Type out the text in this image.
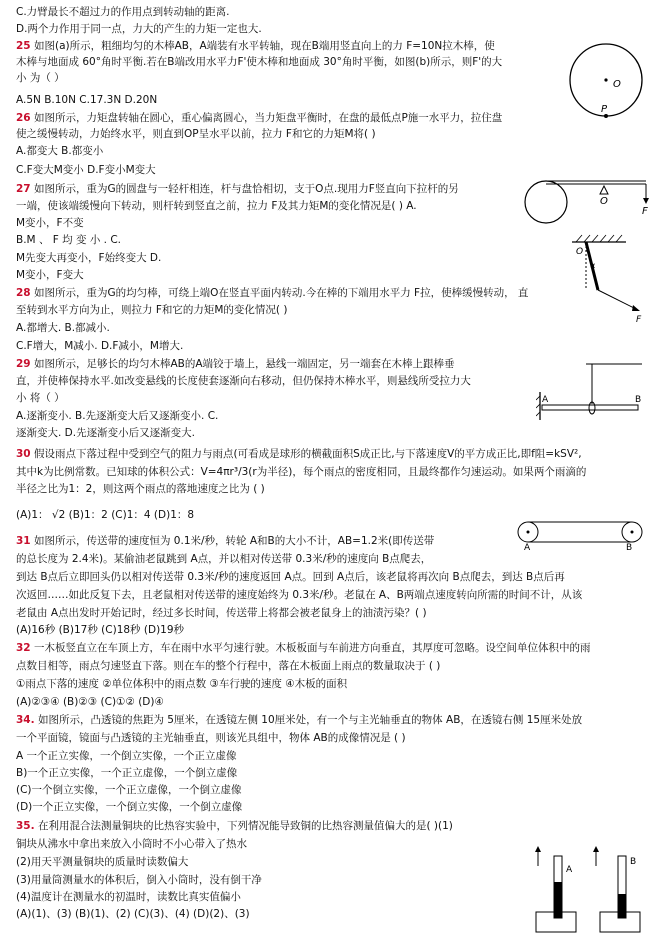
C.力臂最长不超过力的作用点到转动轴的距离.
D.两个力作用于同一点，力大的产生的力矩一定也大.
25 如图(a)所示，粗细均匀的木棒AB，A端装有水平转轴，现在B端用竖直向上的力 F=10N拉木棒，使
木棒与地面成 60°角时平衡.若在B端改用水平力F'使木棒和地面成 30°角时平衡，如图(b)所示，则F'的大
小 为（ ）
A.5N B.10N C.17.3N D.20N
26 如图所示，力矩盘转轴在圆心，重心偏离圆心，当力矩盘平衡时，在盘的最低点P施一水平力，拉住盘
使之缓慢转动，力始终水平，则直到OP呈水平以前，拉力 F和它的力矩M将( )
A.都变大 B.都变小
C.F变大M变小 D.F变小M变大
27 如图所示，重为G的圆盘与一轻杆相连，杆与盘恰相切，支于O点.现用力F竖直向下拉杆的另
一端，使该端缓慢向下转动，则杆转到竖直之前，拉力 F及其力矩M的变化情况是( ) A.
M变小，F不变
B.M 、 F 均 变 小 . C.
M先变大再变小，F始终变大 D.
M变小，F变大
28 如图所示，重为G的均匀棒，可绕上端O在竖直平面内转动.今在棒的下端用水平力 F拉，使棒缓慢转动， 直
至转到水平方向为止，则拉力 F和它的力矩M的变化情况( )
A.都增大. B.都减小.
C.F增大，M减小. D.F减小，M增大.
29 如图所示，足够长的均匀木棒AB的A端铰于墙上，悬线一端固定，另一端套在木棒上跟棒垂
直，并使棒保持水平.如改变悬线的长度使套逐渐向右移动，但仍保持木棒水平，则悬线所受拉力大
小 将（ ）
A.逐渐变小. B.先逐渐变大后又逐渐变小. C.
逐渐变大. D.先逐渐变小后又逐渐变大.
30 假设雨点下落过程中受到空气的阻力与雨点(可看成是球形的横截面积S成正比,与下落速度V的平方成正比,即f阻=kSV²,
其中k为比例常数。已知球的体积公式：V=4πr³/3(r为半径)，每个雨点的密度相同，且最终都作匀速运动。如果两个雨滴的
半径之比为1：2，则这两个雨点的落地速度之比为 ( )
(A)1： √2 (B)1：2 (C)1：4 (D)1：8
31 如图所示，传送带的速度恒为 0.1米/秒，转轮 A和B的大小不计，AB=1.2米(即传送带
的总长度为 2.4米)。某偷油老鼠跳到 A点，并以相对传送带 0.3米/秒的速度向 B点爬去，
到达 B点后立即回头仍以相对传送带 0.3米/秒的速度返回 A点。回到 A点后，该老鼠将再次向 B点爬去，到达 B点后再
次返回……如此反复下去，且老鼠相对传送带的速度始终为 0.3米/秒。老鼠在 A、B两端点速度转向所需的时间不计，从该
老鼠由 A点出发时开始记时，经过多长时间，传送带上将都会被老鼠身上的油渍污染？( )
(A)16秒 (B)17秒 (C)18秒 (D)19秒
32 一木板竖直立在车顶上方，车在雨中水平匀速行驶。木板板面与车前进方向垂直，其厚度可忽略。设空间单位体积中的雨
点数目相等，雨点匀速竖直下落。则在车的整个行程中，落在木板面上雨点的数量取决于 ( )
①雨点下落的速度 ②单位体积中的雨点数 ③车行驶的速度 ④木板的面积
(A)②③④ (B)②③ (C)①② (D)④
34. 如图所示，凸透镜的焦距为 5厘米，在透镜左侧 10厘米处，有一个与主光轴垂直的物体 AB，在透镜右侧 15厘米处放
一个平面镜，镜面与凸透镜的主光轴垂直，则该光具组中，物体 AB的成像情况是 ( )
A 一个正立实像，一个倒立实像，一个正立虚像
B)一个正立实像，一个正立虚像，一个倒立虚像
(C)一个倒立实像，一个正立虚像，一个倒立虚像
(D)一个正立实像，一个倒立实像，一个倒立虚像
35. 在利用混合法测量铜块的比热容实验中，下列情况能导致铜的比热容测量值偏大的是( )(1)
铜块从沸水中拿出来放入小筒时不小心带入了热水
(2)用天平测量铜块的质量时读数偏大
(3)用量筒测量水的体积后，倒入小筒时，没有倒干净
(4)温度计在测量水的初温时，读数比真实值偏小
(A)(1)、(3) (B)(1)、(2) (C)(3)、(4) (D)(2)、(3)
O
P
O
F
O
α
F
A	B
A	B
A
B
